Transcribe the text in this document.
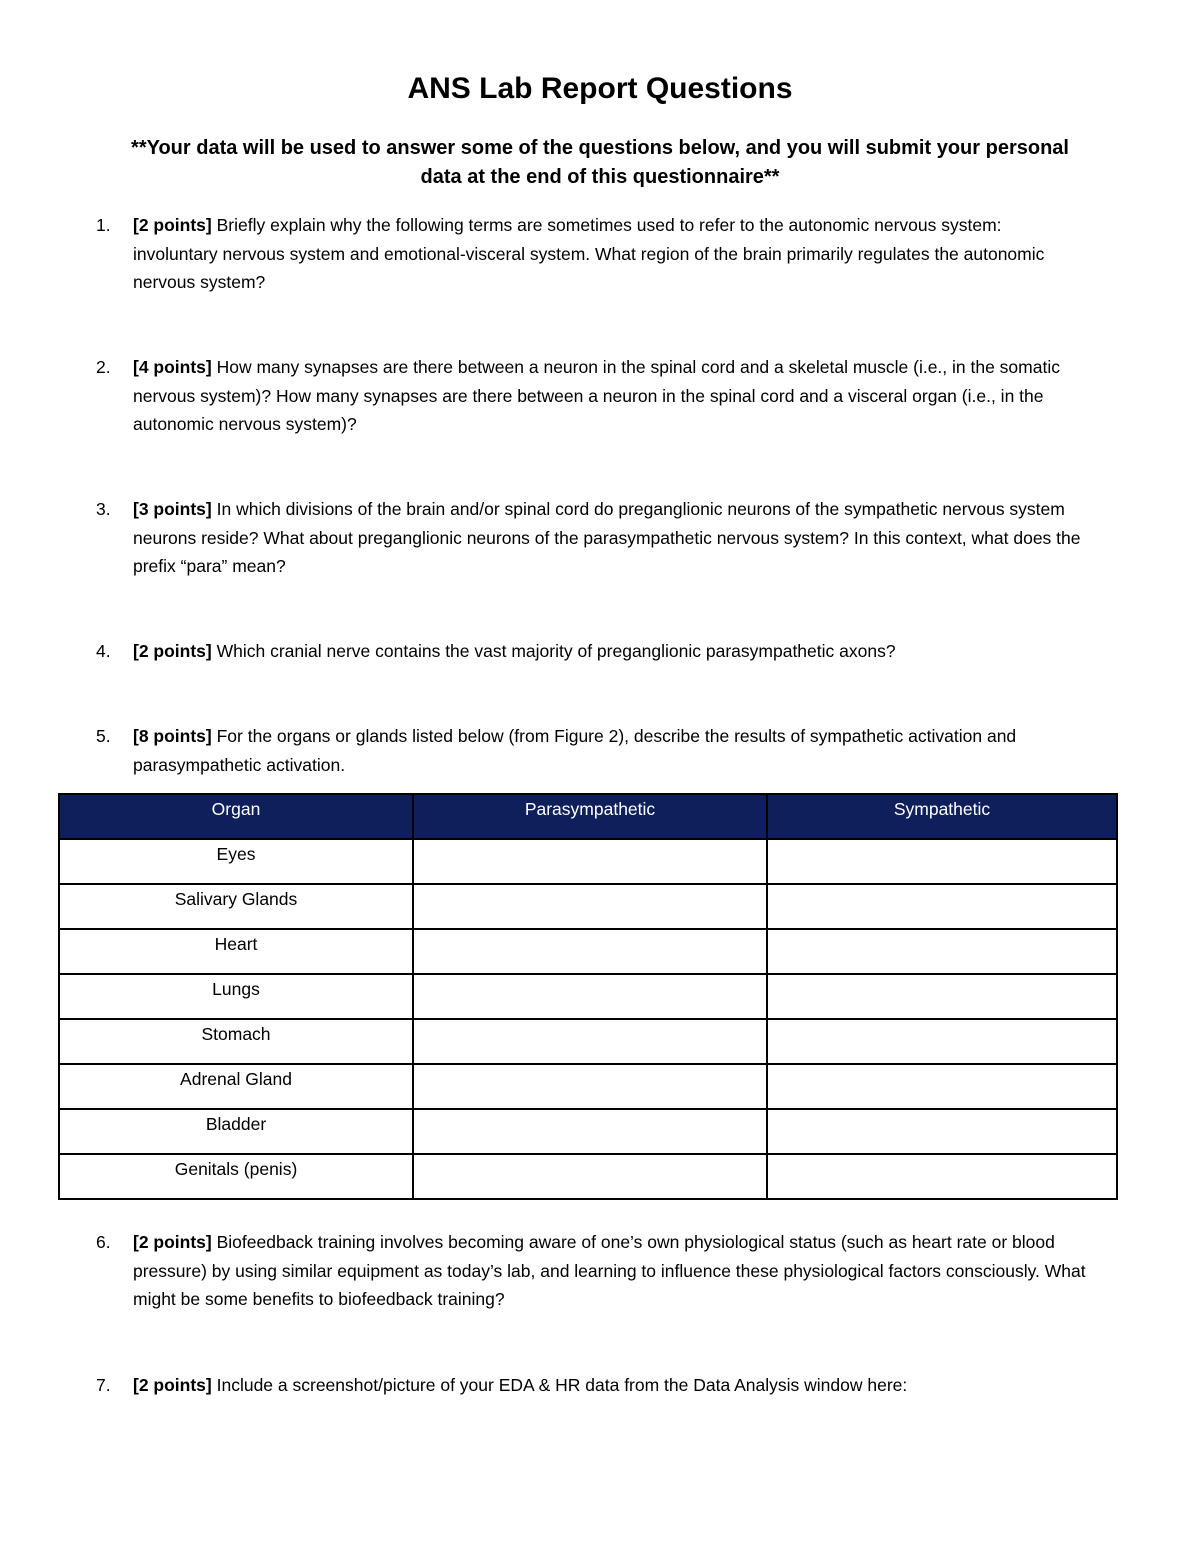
ANS Lab Report Questions

**Your data will be used to answer some of the questions below, and you will submit your personal data at the end of this questionnaire**

1.	[2 points] Briefly explain why the following terms are sometimes used to refer to the autonomic nervous system: involuntary nervous system and emotional-visceral system. What region of the brain primarily regulates the autonomic nervous system?
2.	[4 points] How many synapses are there between a neuron in the spinal cord and a skeletal muscle (i.e., in the somatic nervous system)? How many synapses are there between a neuron in the spinal cord and a visceral organ (i.e., in the autonomic nervous system)?
3.	[3 points] In which divisions of the brain and/or spinal cord do preganglionic neurons of the sympathetic nervous system neurons reside? What about preganglionic neurons of the parasympathetic nervous system? In this context, what does the prefix “para” mean?
4.	[2 points] Which cranial nerve contains the vast majority of preganglionic parasympathetic axons?
5.	[8 points] For the organs or glands listed below (from Figure 2), describe the results of sympathetic activation and parasympathetic activation.
Organ	Parasympathetic	Sympathetic
Eyes		
Salivary Glands		
Heart		
Lungs		
Stomach		
Adrenal Gland		
Bladder		
Genitals (penis)		
6.	[2 points] Biofeedback training involves becoming aware of one’s own physiological status (such as heart rate or blood pressure) by using similar equipment as today’s lab, and learning to influence these physiological factors consciously. What might be some benefits to biofeedback training?
7.	[2 points] Include a screenshot/picture of your EDA & HR data from the Data Analysis window here:
